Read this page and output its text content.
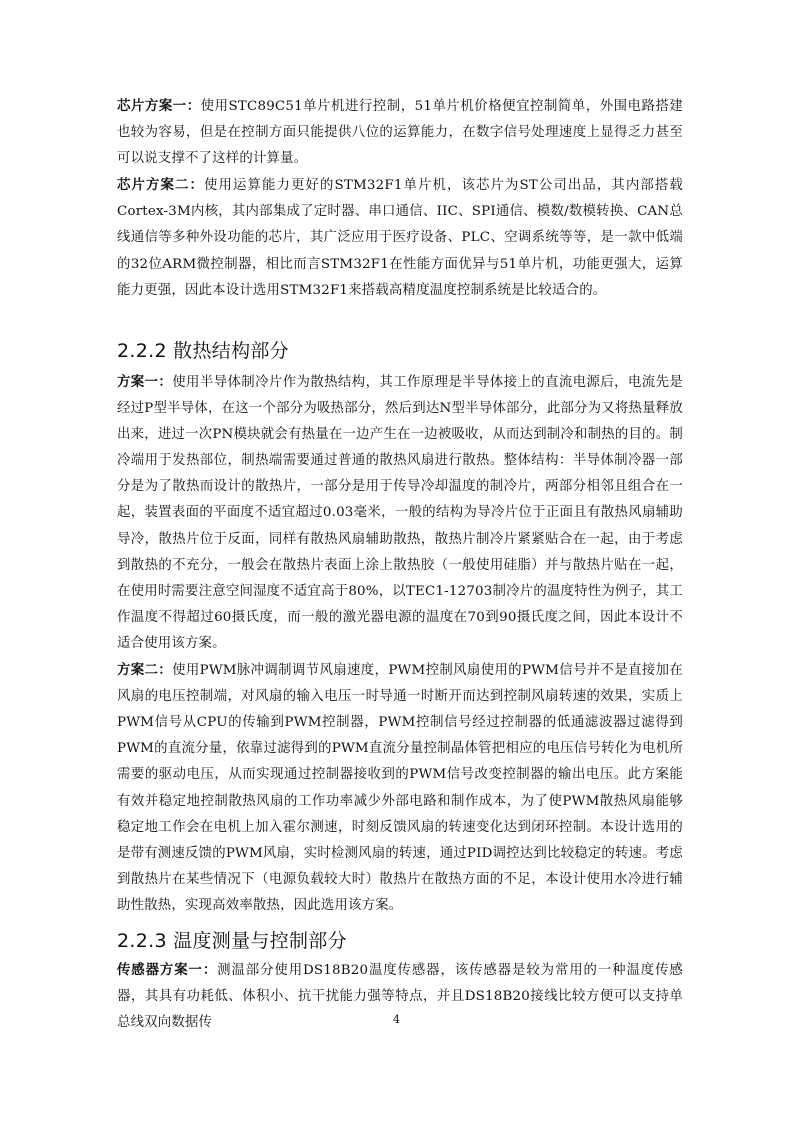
芯片方案一：使用STC89C51单片机进行控制，51单片机价格便宜控制简单，外围电路搭建也较为容易，但是在控制方面只能提供八位的运算能力，在数字信号处理速度上显得乏力甚至可以说支撑不了这样的计算量。

芯片方案二：使用运算能力更好的STM32F1单片机，该芯片为ST公司出品，其内部搭载Cortex-3M内核，其内部集成了定时器、串口通信、IIC、SPI通信、模数/数模转换、CAN总线通信等多种外设功能的芯片，其广泛应用于医疗设备、PLC、空调系统等等，是一款中低端的32位ARM微控制器，相比而言STM32F1在性能方面优异与51单片机，功能更强大，运算能力更强，因此本设计选用STM32F1来搭载高精度温度控制系统是比较适合的。

2.2.2 散热结构部分

方案一：使用半导体制冷片作为散热结构，其工作原理是半导体接上的直流电源后，电流先是经过P型半导体，在这一个部分为吸热部分，然后到达N型半导体部分，此部分为又将热量释放出来，进过一次PN模块就会有热量在一边产生在一边被吸收，从而达到制冷和制热的目的。制冷端用于发热部位，制热端需要通过普通的散热风扇进行散热。整体结构：半导体制冷器一部分是为了散热而设计的散热片，一部分是用于传导冷却温度的制冷片，两部分相邻且组合在一起，装置表面的平面度不适宜超过0.03毫米，一般的结构为导冷片位于正面且有散热风扇辅助导冷，散热片位于反面，同样有散热风扇辅助散热，散热片制冷片紧紧贴合在一起，由于考虑到散热的不充分，一般会在散热片表面上涂上散热胶（一般使用硅脂）并与散热片贴在一起，在使用时需要注意空间湿度不适宜高于80%，以TEC1-12703制冷片的温度特性为例子，其工作温度不得超过60摄氏度，而一般的激光器电源的温度在70到90摄氏度之间，因此本设计不适合使用该方案。

方案二：使用PWM脉冲调制调节风扇速度，PWM控制风扇使用的PWM信号并不是直接加在风扇的电压控制端，对风扇的输入电压一时导通一时断开而达到控制风扇转速的效果，实质上PWM信号从CPU的传输到PWM控制器，PWM控制信号经过控制器的低通滤波器过滤得到PWM的直流分量，依靠过滤得到的PWM直流分量控制晶体管把相应的电压信号转化为电机所需要的驱动电压，从而实现通过控制器接收到的PWM信号改变控制器的输出电压。此方案能有效并稳定地控制散热风扇的工作功率减少外部电路和制作成本，为了使PWM散热风扇能够稳定地工作会在电机上加入霍尔测速，时刻反馈风扇的转速变化达到闭环控制。本设计选用的是带有测速反馈的PWM风扇，实时检测风扇的转速，通过PID调控达到比较稳定的转速。考虑到散热片在某些情况下（电源负载较大时）散热片在散热方面的不足，本设计使用水冷进行辅助性散热，实现高效率散热，因此选用该方案。

2.2.3 温度测量与控制部分

传感器方案一：测温部分使用DS18B20温度传感器，该传感器是较为常用的一种温度传感器，其具有功耗低、体积小、抗干扰能力强等特点，并且DS18B20接线比较方便可以支持单总线双向数据传	4
